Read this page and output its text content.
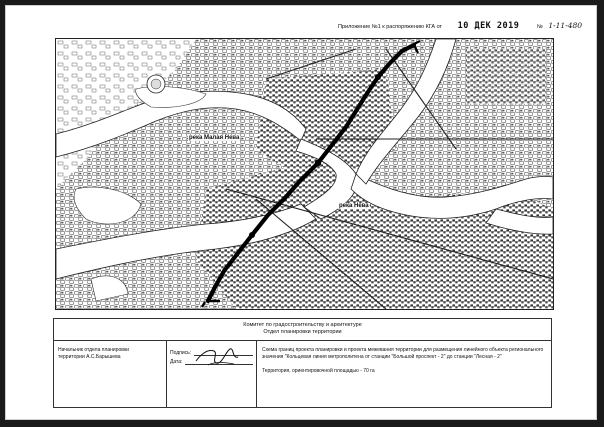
Приложение №1 к распоряжению КГА от 10 ДЕК 2019	№ 1-11-480
река Малая Нева
река Нева
Комитет по градостроительству и архитектуре
Отдел планировки территории
Начальник отдела планировки
территории А.С.Барышева
Подпись:
Дата:
Схема границ проекта планировки и проекта межевания территории для размещения линейного объекта регионального значения "Кольцевая линия метрополитена от станции "Большой проспект - 2" до станции "Лесная - 2"
Территория, ориентировочной площадью - 70 га
